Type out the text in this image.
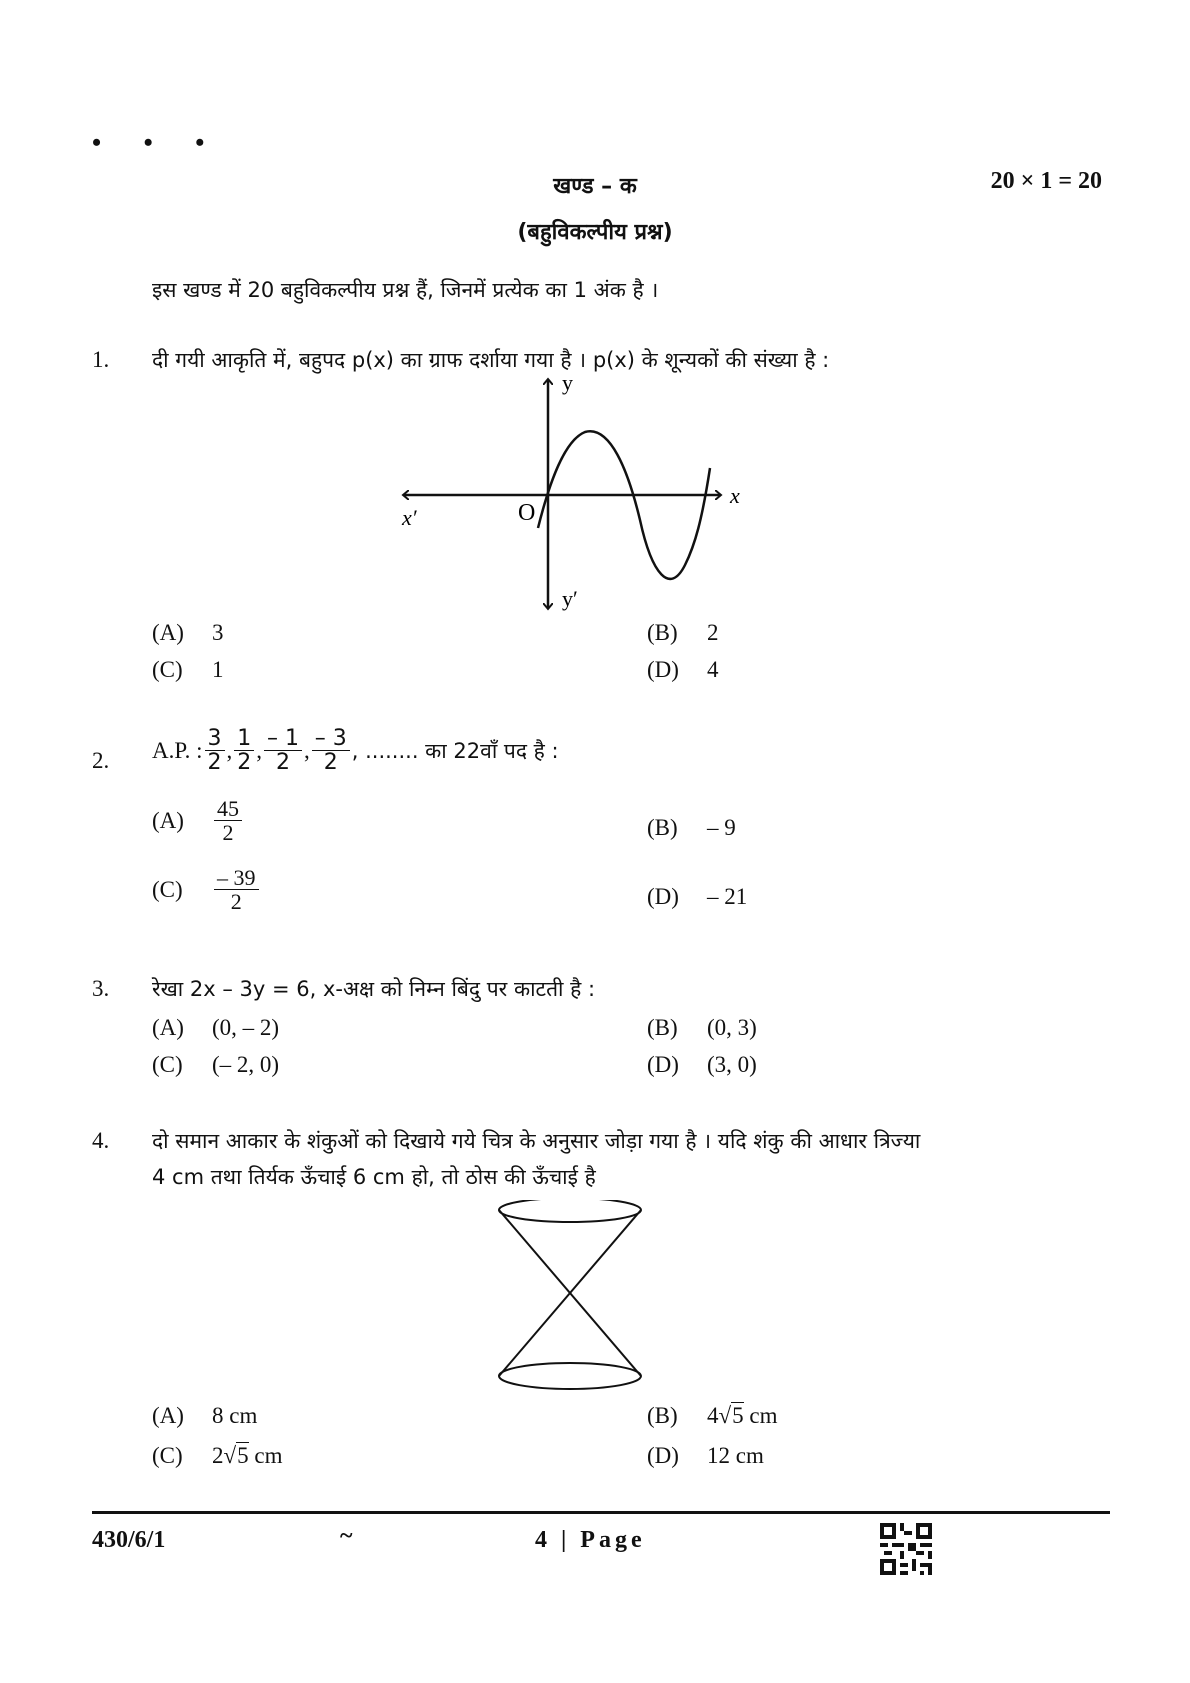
• • •
खण्ड – क	20 × 1 = 20
(बहुविकल्पीय प्रश्न)
इस खण्ड में 20 बहुविकल्पीय प्रश्न हैं, जिनमें प्रत्येक का 1 अंक है ।
1. दी गयी आकृति में, बहुपद p(x) का ग्राफ दर्शाया गया है । p(x) के शून्यकों की संख्या है :
y
x
x′
y′
O
(A) 3	(B) 2
(C) 1	(D) 4
2. A.P. : $\frac{3}{2}$ , $\frac{1}{2}$ , $\frac{- 1}{2}$ , $\frac{- 3}{2}$ , ........ का 22वाँ पद है :
(A)	$\frac{45}{2}$	(B) – 9
(C)	$\frac{- 39}{2}$	(D) – 21
3. रेखा 2x – 3y = 6, x-अक्ष को निम्न बिंदु पर काटती है :
(A) (0, – 2)	(B) (0, 3)
(C) (– 2, 0)	(D) (3, 0)
4. दो समान आकार के शंकुओं को दिखाये गये चित्र के अनुसार जोड़ा गया है । यदि शंकु की आधार त्रिज्या
4 cm तथा तिर्यक ऊँचाई 6 cm हो, तो ठोस की ऊँचाई है
(A) 8 cm	(B) 4√5 cm
(C) 2√5 cm	(D) 12 cm
430/6/1	~	4 | Page
